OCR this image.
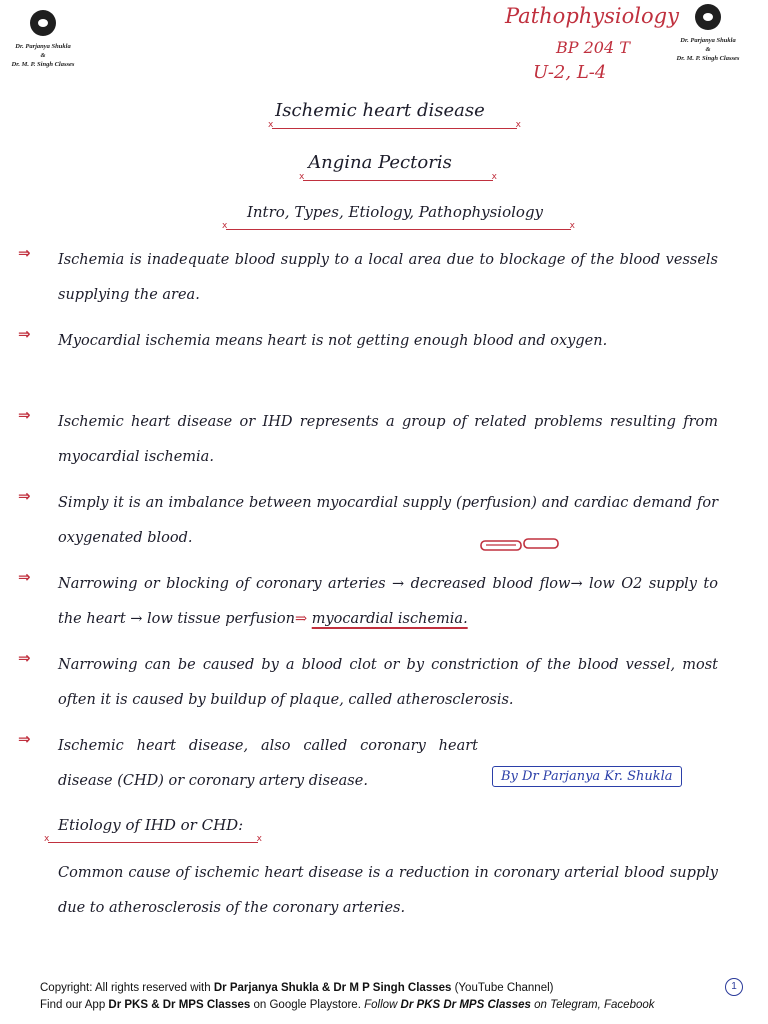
Dr. Parjanya Shukla
&
Dr. M. P. Singh Classes
Dr. Parjanya Shukla
&
Dr. M. P. Singh Classes
Pathophysiology
BP 204 T
U-2, L-4
Ischemic heart disease
x x
Angina Pectoris
x x
Intro, Types, Etiology, Pathophysiology
x x
⇒ Ischemia is inadequate blood supply to a local area due to blockage of the blood vessels supplying the area.
⇒ Myocardial ischemia means heart is not getting enough blood and oxygen.
⇒ Ischemic heart disease or IHD represents a group of related problems resulting from myocardial ischemia.
⇒ Simply it is an imbalance between myocardial supply (perfusion) and cardiac demand for oxygenated blood.
⇒ Narrowing or blocking of coronary arteries → decreased blood flow→ low O2 supply to the heart → low tissue perfusion⇒ myocardial ischemia.
⇒ Narrowing can be caused by a blood clot or by constriction of the blood vessel, most often it is caused by buildup of plaque, called atherosclerosis.
⇒ Ischemic heart disease, also called coronary heart disease (CHD) or coronary artery disease.	By Dr Parjanya Kr. Shukla
Etiology of IHD or CHD:
x x
Common cause of ischemic heart disease is a reduction in coronary arterial blood supply due to atherosclerosis of the coronary arteries.
Copyright: All rights reserved with Dr Parjanya Shukla & Dr M P Singh Classes (YouTube Channel)
Find our App Dr PKS & Dr MPS Classes on Google Playstore. Follow Dr PKS Dr MPS Classes on Telegram, Facebook
1
